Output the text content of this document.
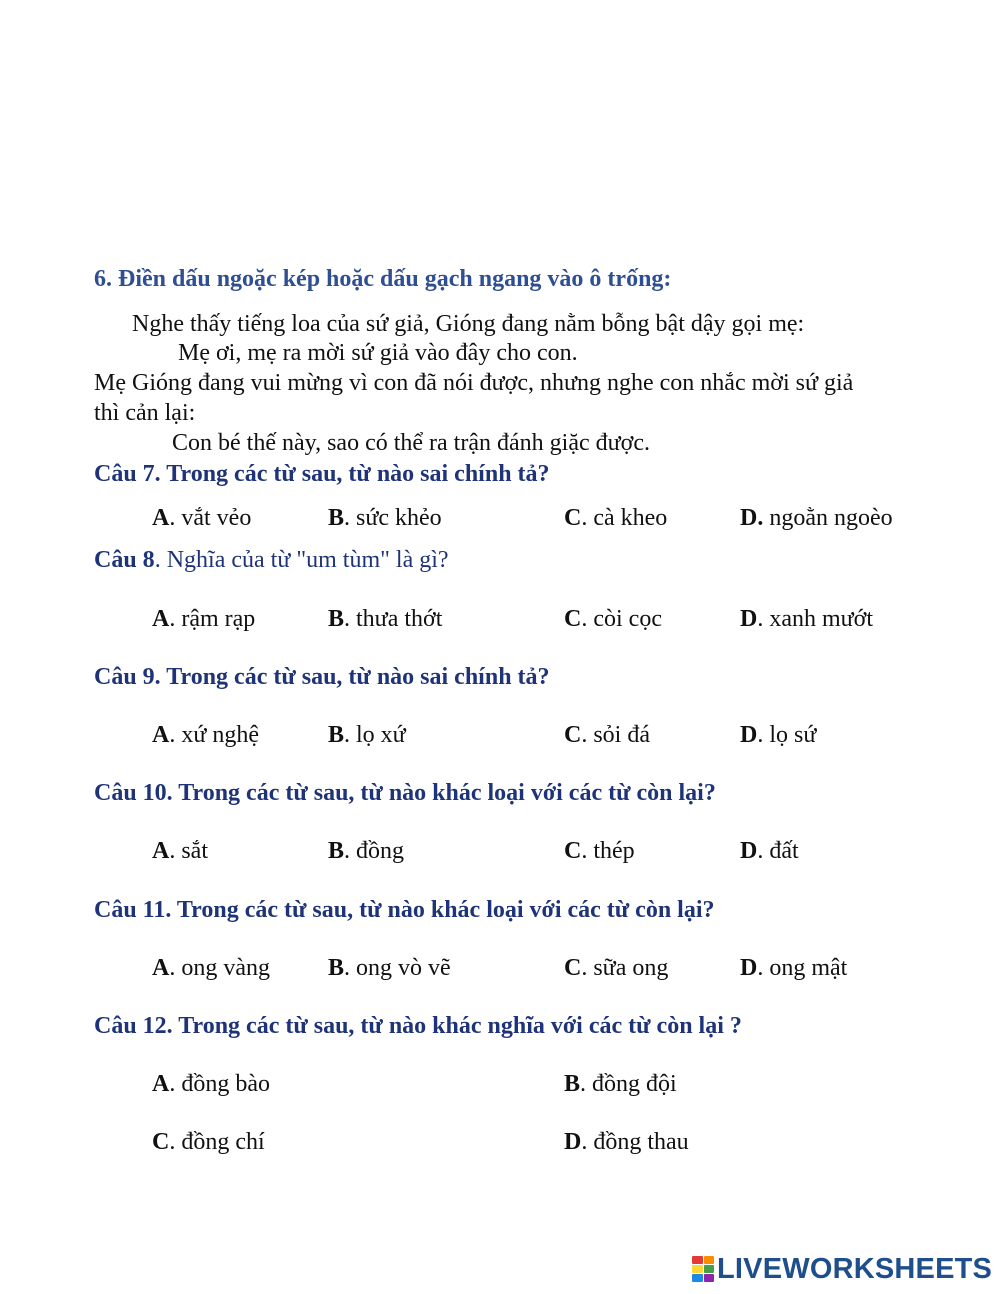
6. Điền dấu ngoặc kép hoặc dấu gạch ngang vào ô trống:
Nghe thấy tiếng loa của sứ giả, Gióng đang nằm bỗng bật dậy gọi mẹ:
Mẹ ơi, mẹ ra mời sứ giả vào đây cho con.
Mẹ Gióng đang vui mừng vì con đã nói được, nhưng nghe con nhắc mời sứ giả
thì cản lại:
Con bé thế này, sao có thể ra trận đánh giặc được.
Câu 7. Trong các từ sau, từ nào sai chính tả?
A. vắt vẻo	B. sức khẻo	C. cà kheo	D. ngoằn ngoèo
Câu 8. Nghĩa của từ "um tùm" là gì?
A. rậm rạp	B. thưa thớt	C. còi cọc	D. xanh mướt
Câu 9. Trong các từ sau, từ nào sai chính tả?
A. xứ nghệ	B. lọ xứ	C. sỏi đá	D. lọ sứ
Câu 10. Trong các từ sau, từ nào khác loại với các từ còn lại?
A. sắt	B. đồng	C. thép	D. đất
Câu 11. Trong các từ sau, từ nào khác loại với các từ còn lại?
A. ong vàng B. ong vò vẽ	C. sữa ong	D. ong mật
Câu 12. Trong các từ sau, từ nào khác nghĩa với các từ còn lại ?
A. đồng bào	B. đồng đội
C. đồng chí	D. đồng thau
LIVEWORKSHEETS
